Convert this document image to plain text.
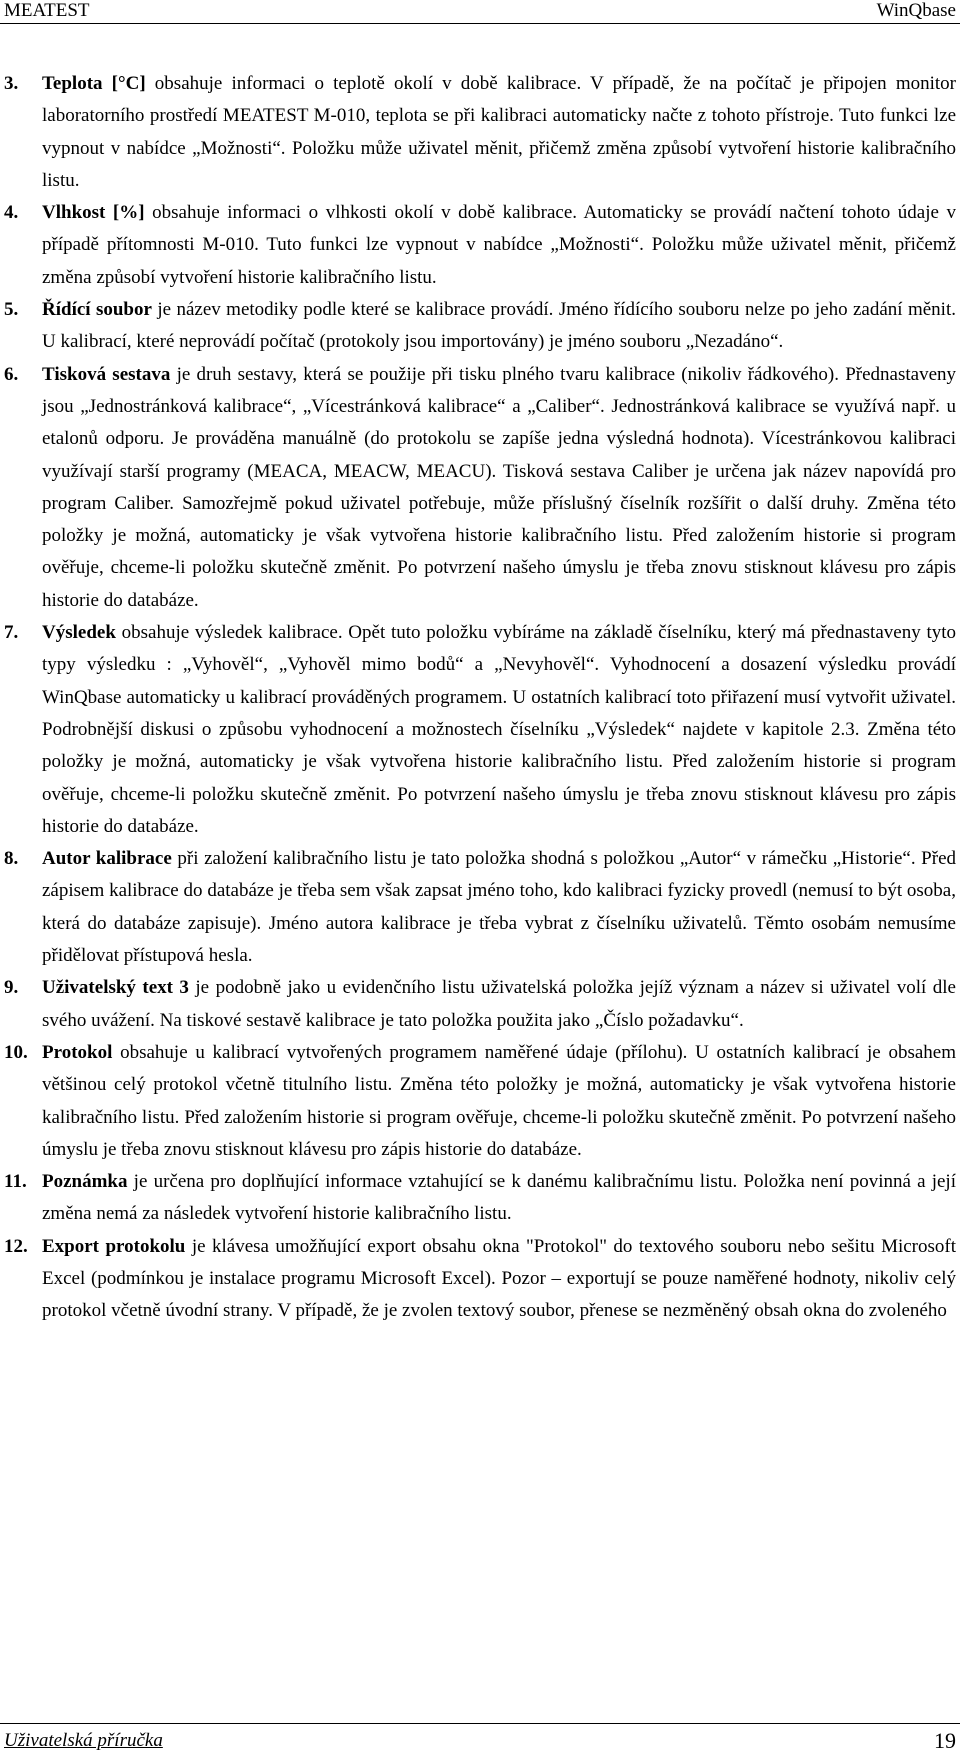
MEATEST	WinQbase
3.	Teplota [°C] obsahuje informaci o teplotě okolí v době kalibrace. V případě, že na počítač je připojen monitor laboratorního prostředí MEATEST M-010, teplota se při kalibraci automaticky načte z tohoto přístroje. Tuto funkci lze vypnout v nabídce „Možnosti“. Položku může uživatel měnit, přičemž změna způsobí vytvoření historie kalibračního listu.
4.	Vlhkost [%] obsahuje informaci o vlhkosti okolí v době kalibrace. Automaticky se provádí načtení tohoto údaje v případě přítomnosti M-010. Tuto funkci lze vypnout v nabídce „Možnosti“. Položku může uživatel měnit, přičemž změna způsobí vytvoření historie kalibračního listu.
5.	Řídící soubor je název metodiky podle které se kalibrace provádí. Jméno řídícího souboru nelze po jeho zadání měnit. U kalibrací, které neprovádí počítač (protokoly jsou importovány) je jméno souboru „Nezadáno“.
6.	Tisková sestava je druh sestavy, která se použije při tisku plného tvaru kalibrace (nikoliv řádkového). Přednastaveny jsou „Jednostránková kalibrace“, „Vícestránková kalibrace“ a „Caliber“. Jednostránková kalibrace se využívá např. u etalonů odporu. Je prováděna manuálně (do protokolu se zapíše jedna výsledná hodnota). Vícestránkovou kalibraci využívají starší programy (MEACA, MEACW, MEACU). Tisková sestava Caliber je určena jak název napovídá pro program Caliber. Samozřejmě pokud uživatel potřebuje, může příslušný číselník rozšířit o další druhy. Změna této položky je možná, automaticky je však vytvořena historie kalibračního listu. Před založením historie si program ověřuje, chceme-li položku skutečně změnit. Po potvrzení našeho úmyslu je třeba znovu stisknout klávesu pro zápis historie do databáze.
7.	Výsledek obsahuje výsledek kalibrace. Opět tuto položku vybíráme na základě číselníku, který má přednastaveny tyto typy výsledku : „Vyhověl“, „Vyhověl mimo bodů“ a „Nevyhověl“. Vyhodnocení a dosazení výsledku provádí WinQbase automaticky u kalibrací prováděných programem. U ostatních kalibrací toto přiřazení musí vytvořit uživatel. Podrobnější diskusi o způsobu vyhodnocení a možnostech číselníku „Výsledek“ najdete v kapitole 2.3. Změna této položky je možná, automaticky je však vytvořena historie kalibračního listu. Před založením historie si program ověřuje, chceme-li položku skutečně změnit. Po potvrzení našeho úmyslu je třeba znovu stisknout klávesu pro zápis historie do databáze.
8.	Autor kalibrace při založení kalibračního listu je tato položka shodná s položkou „Autor“ v rámečku „Historie“. Před zápisem kalibrace do databáze je třeba sem však zapsat jméno toho, kdo kalibraci fyzicky provedl (nemusí to být osoba, která do databáze zapisuje). Jméno autora kalibrace je třeba vybrat z číselníku uživatelů. Těmto osobám nemusíme přidělovat přístupová hesla.
9.	Uživatelský text 3 je podobně jako u evidenčního listu uživatelská položka jejíž význam a název si uživatel volí dle svého uvážení. Na tiskové sestavě kalibrace je tato položka použita jako „Číslo požadavku“.
10. Protokol obsahuje u kalibrací vytvořených programem naměřené údaje (přílohu). U ostatních kalibrací je obsahem většinou celý protokol včetně titulního listu. Změna této položky je možná, automaticky je však vytvořena historie kalibračního listu. Před založením historie si program ověřuje, chceme-li položku skutečně změnit. Po potvrzení našeho úmyslu je třeba znovu stisknout klávesu pro zápis historie do databáze.
11. Poznámka je určena pro doplňující informace vztahující se k danému kalibračnímu listu. Položka není povinná a její změna nemá za následek vytvoření historie kalibračního listu.
12. Export protokolu je klávesa umožňující export obsahu okna "Protokol" do textového souboru nebo sešitu Microsoft Excel (podmínkou je instalace programu Microsoft Excel). Pozor – exportují se pouze naměřené hodnoty, nikoliv celý protokol včetně úvodní strany. V případě, že je zvolen textový soubor, přenese se nezměněný obsah okna do zvoleného
Uživatelská příručka	19
